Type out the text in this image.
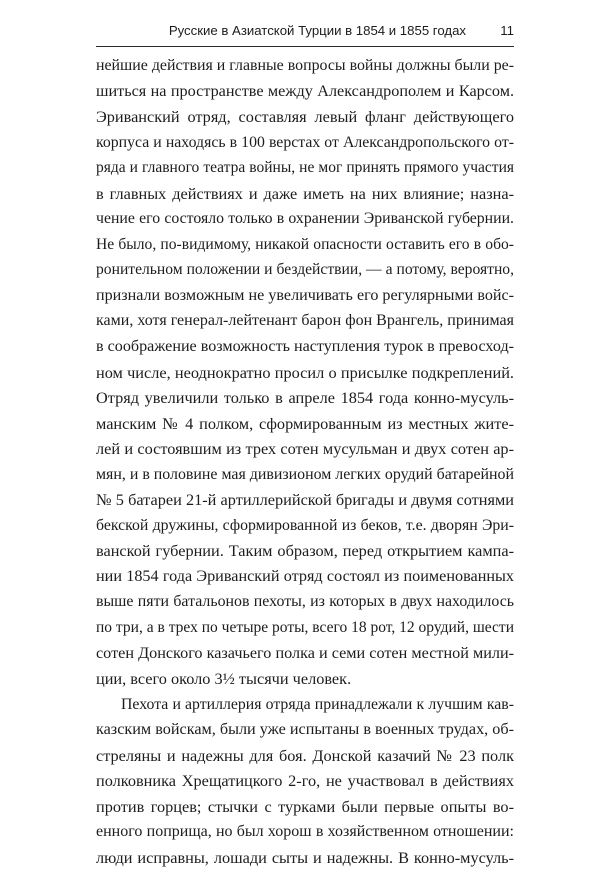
Русские в Азиатской Турции в 1854 и 1855 годах	11
нейшие действия и главные вопросы войны должны были ре-
шиться на пространстве между Александрополем и Карсом.
Эриванский отряд, составляя левый фланг действующего
корпуса и находясь в 100 верстах от Александропольского от-
ряда и главного театра войны, не мог принять прямого участия
в главных действиях и даже иметь на них влияние; назна-
чение его состояло только в охранении Эриванской губернии.
Не было, по-видимому, никакой опасности оставить его в обо-
ронительном положении и бездействии, — а потому, вероятно,
признали возможным не увеличивать его регулярными войс-
ками, хотя генерал-лейтенант барон фон Врангель, принимая
в соображение возможность наступления турок в превосход-
ном числе, неоднократно просил о присылке подкреплений.
Отряд увеличили только в апреле 1854 года конно-мусуль-
манским № 4 полком, сформированным из местных жите-
лей и состоявшим из трех сотен мусульман и двух сотен ар-
мян, и в половине мая дивизионом легких орудий батарейной
№ 5 батареи 21-й артиллерийской бригады и двумя сотнями
бекской дружины, сформированной из беков, т.е. дворян Эри-
ванской губернии. Таким образом, перед открытием кампа-
нии 1854 года Эриванский отряд состоял из поименованных
выше пяти батальонов пехоты, из которых в двух находилось
по три, а в трех по четыре роты, всего 18 рот, 12 орудий, шести
сотен Донского казачьего полка и семи сотен местной мили-
ции, всего около 3½ тысячи человек.
Пехота и артиллерия отряда принадлежали к лучшим кав-
казским войскам, были уже испытаны в военных трудах, об-
стреляны и надежны для боя. Донской казачий № 23 полк
полковника Хрещатицкого 2-го, не участвовал в действиях
против горцев; стычки с турками были первые опыты во-
енного поприща, но был хорош в хозяйственном отношении:
люди исправны, лошади сыты и надежны. В конно-мусуль-
